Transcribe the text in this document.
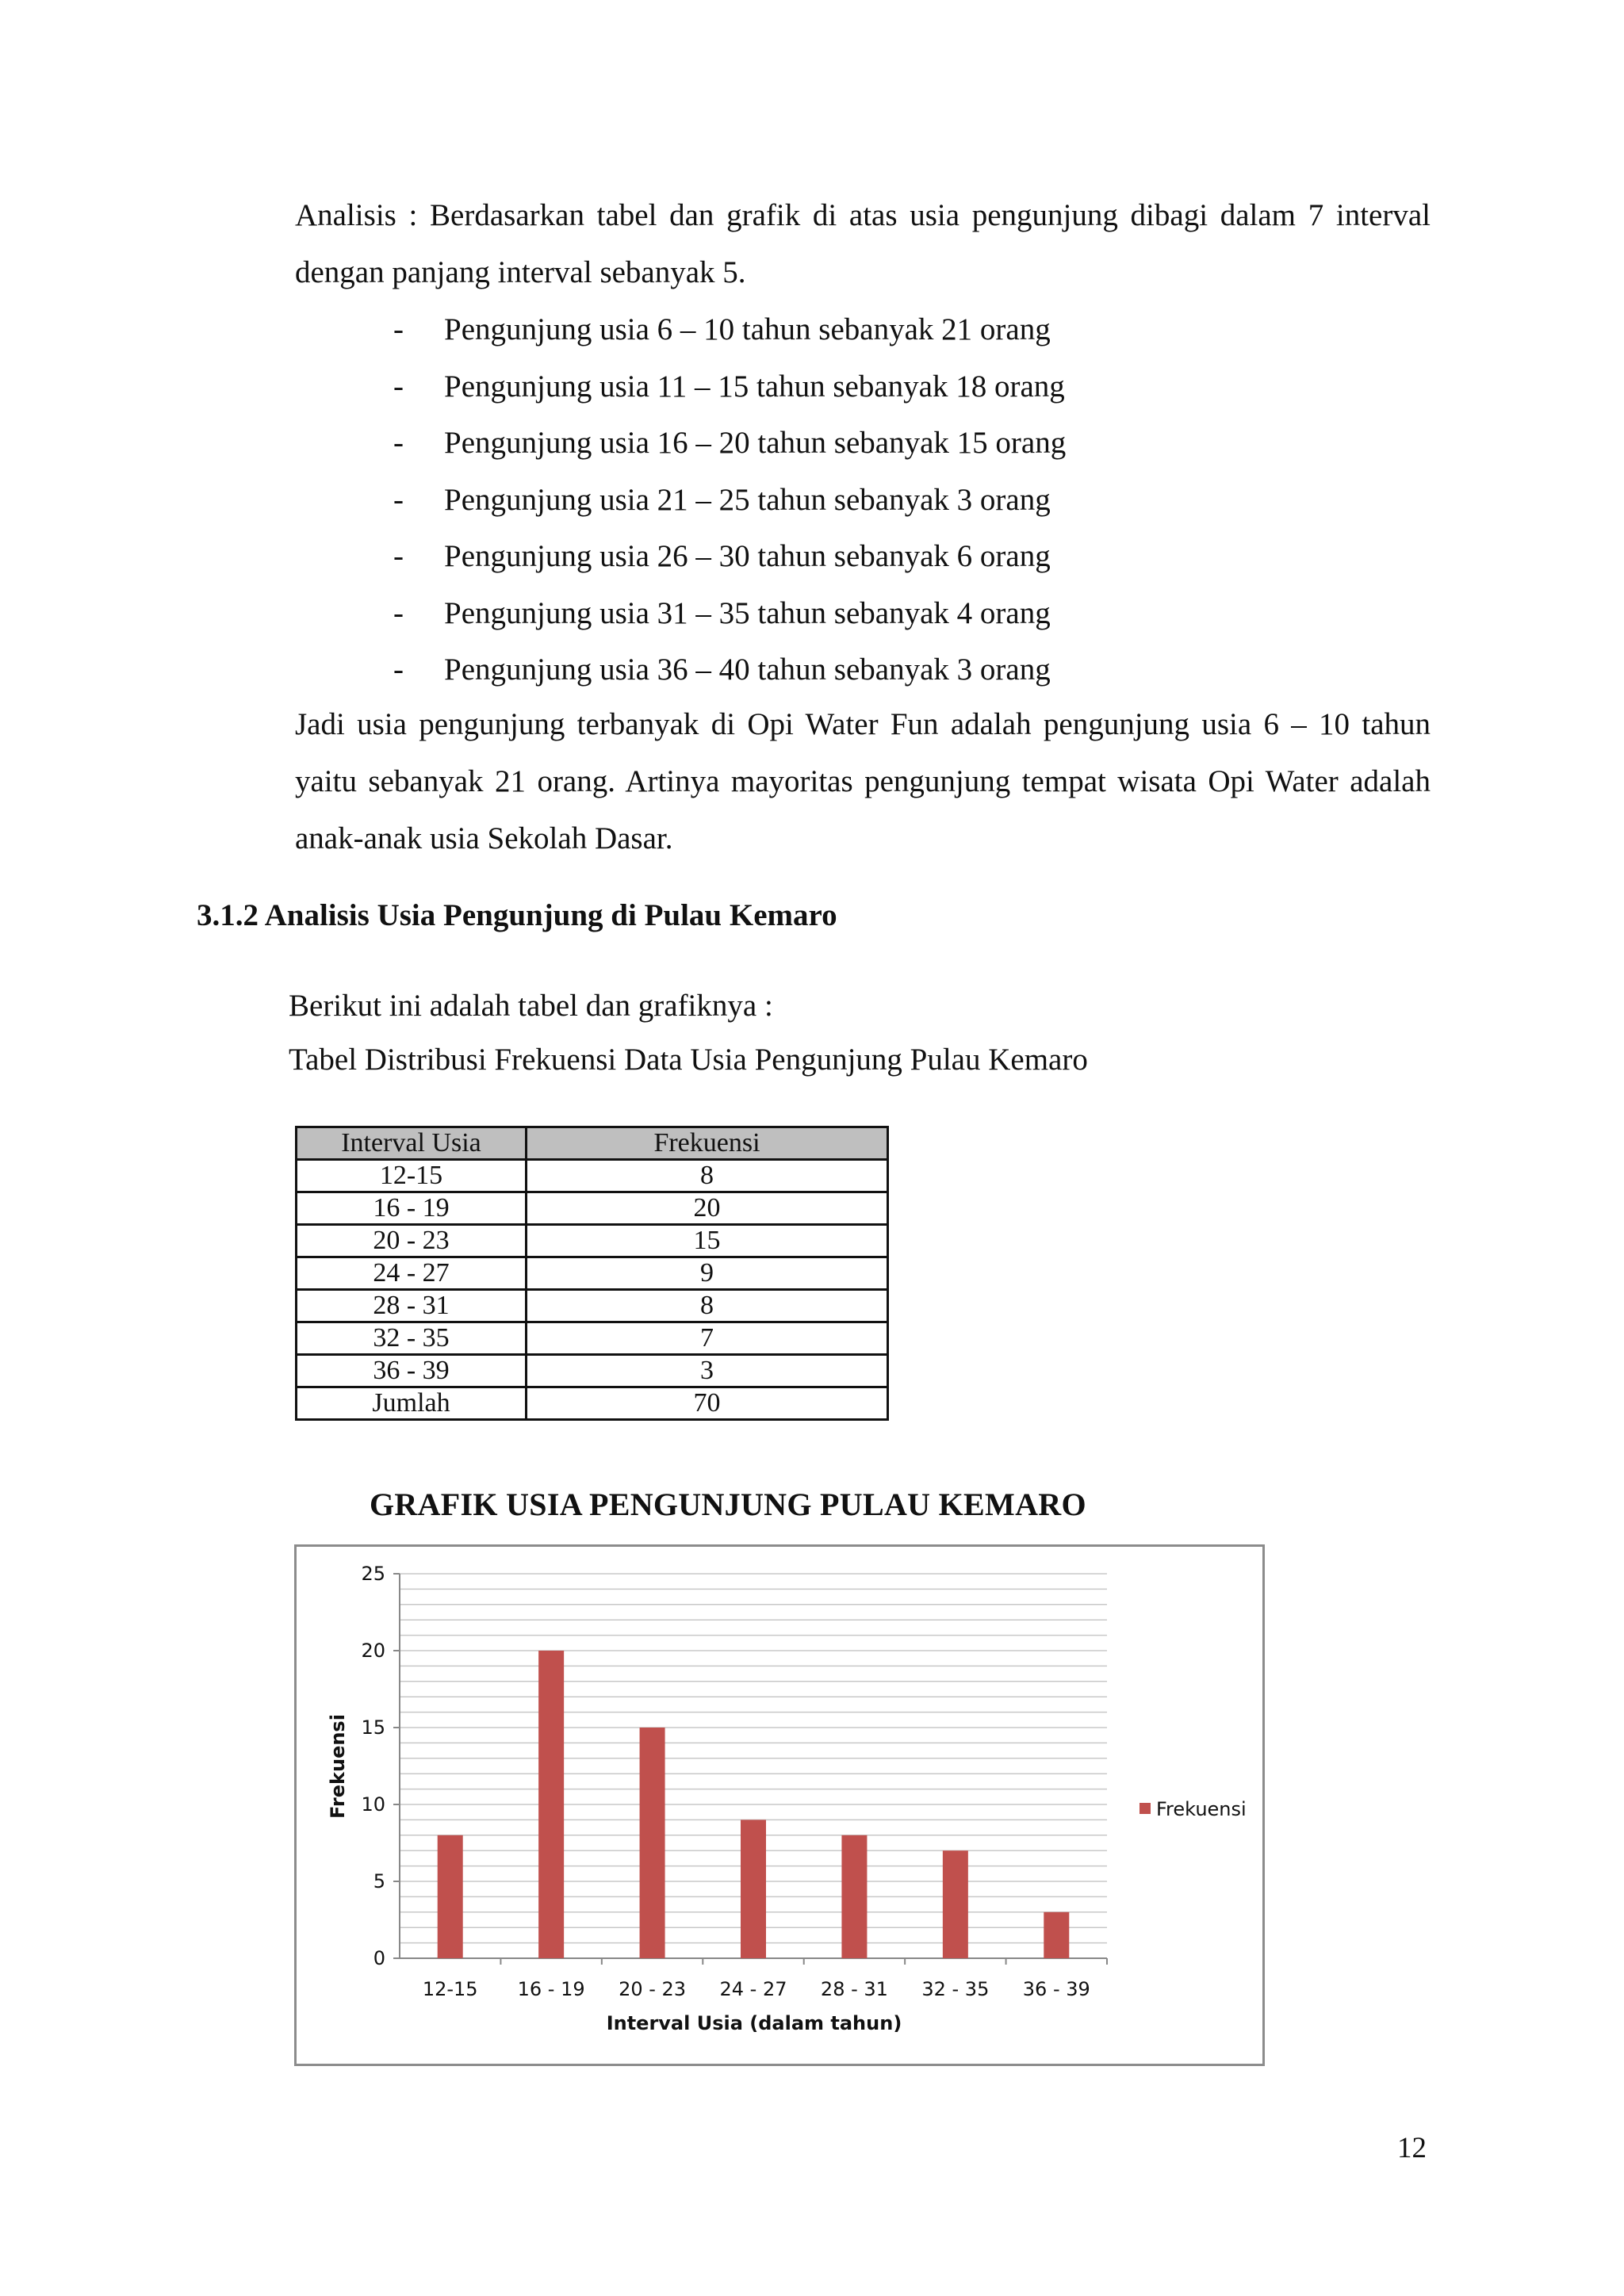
Analisis : Berdasarkan tabel dan grafik di atas usia pengunjung dibagi dalam 7 interval dengan panjang interval sebanyak 5.
- Pengunjung usia 6 – 10 tahun sebanyak 21 orang
- Pengunjung usia 11 – 15 tahun sebanyak 18 orang
- Pengunjung usia 16 – 20 tahun sebanyak 15 orang
- Pengunjung usia 21 – 25 tahun sebanyak 3 orang
- Pengunjung usia 26 – 30 tahun sebanyak 6 orang
- Pengunjung usia 31 – 35 tahun sebanyak 4 orang
- Pengunjung usia 36 – 40 tahun sebanyak 3 orang
Jadi usia pengunjung terbanyak di Opi Water Fun adalah pengunjung usia 6 – 10 tahun yaitu sebanyak 21 orang. Artinya mayoritas pengunjung tempat wisata Opi Water adalah anak-anak usia Sekolah Dasar.
3.1.2 Analisis Usia Pengunjung di Pulau Kemaro
Berikut ini adalah tabel dan grafiknya :
Tabel Distribusi Frekuensi Data Usia Pengunjung Pulau Kemaro
Interval Usia	Frekuensi
12-15	8
16 - 19	20
20 - 23	15
24 - 27	9
28 - 31	8
32 - 35	7
36 - 39	3
Jumlah	70
GRAFIK USIA PENGUNJUNG PULAU KEMARO
0
5
10
15
20
25
12-15 16 - 19 20 - 23 24 - 27 28 - 31 32 - 35 36 - 39
Frekuensi
Interval Usia (dalam tahun)
Frekuensi
12
